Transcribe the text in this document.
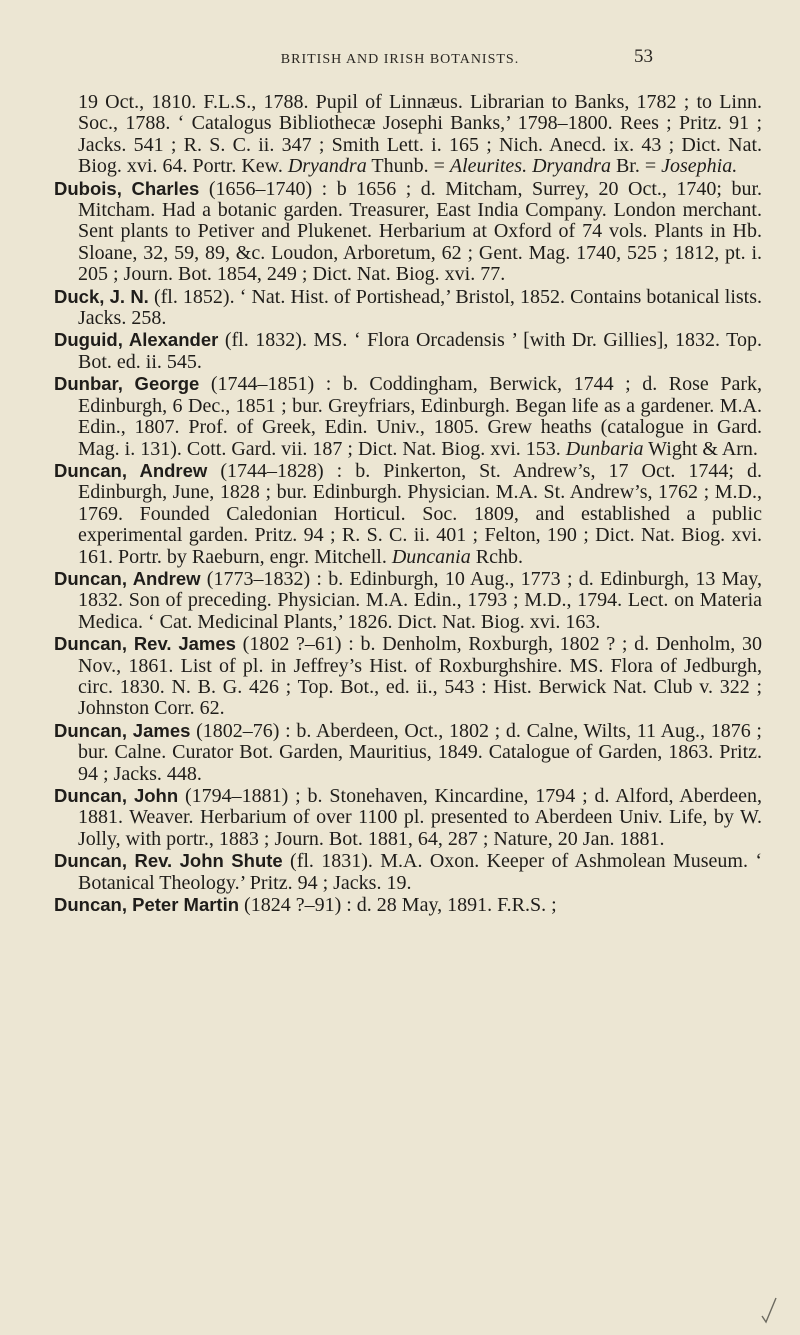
BRITISH AND IRISH BOTANISTS.	53

19 Oct., 1810. F.L.S., 1788. Pupil of Linnæus. Librarian to Banks, 1782 ; to Linn. Soc., 1788. ‘ Catalogus Bibliothecæ Josephi Banks,’ 1798–1800. Rees ; Pritz. 91 ; Jacks. 541 ; R. S. C. ii. 347 ; Smith Lett. i. 165 ; Nich. Anecd. ix. 43 ; Dict. Nat. Biog. xvi. 64. Portr. Kew. Dryandra Thunb. = Aleurites. Dryandra Br. = Josephia.

Dubois, Charles (1656–1740) : b 1656 ; d. Mitcham, Surrey, 20 Oct., 1740; bur. Mitcham. Had a botanic garden. Treasurer, East India Company. London merchant. Sent plants to Petiver and Plukenet. Herbarium at Oxford of 74 vols. Plants in Hb. Sloane, 32, 59, 89, &c. Loudon, Arboretum, 62 ; Gent. Mag. 1740, 525 ; 1812, pt. i. 205 ; Journ. Bot. 1854, 249 ; Dict. Nat. Biog. xvi. 77.

Duck, J. N. (fl. 1852). ‘ Nat. Hist. of Portishead,’ Bristol, 1852. Contains botanical lists. Jacks. 258.

Duguid, Alexander (fl. 1832). MS. ‘ Flora Orcadensis ’ [with Dr. Gillies], 1832. Top. Bot. ed. ii. 545.

Dunbar, George (1744–1851) : b. Coddingham, Berwick, 1744 ; d. Rose Park, Edinburgh, 6 Dec., 1851 ; bur. Greyfriars, Edinburgh. Began life as a gardener. M.A. Edin., 1807. Prof. of Greek, Edin. Univ., 1805. Grew heaths (catalogue in Gard. Mag. i. 131). Cott. Gard. vii. 187 ; Dict. Nat. Biog. xvi. 153. Dunbaria Wight & Arn.

Duncan, Andrew (1744–1828) : b. Pinkerton, St. Andrew’s, 17 Oct. 1744; d. Edinburgh, June, 1828 ; bur. Edinburgh. Physician. M.A. St. Andrew’s, 1762 ; M.D., 1769. Founded Caledonian Horticul. Soc. 1809, and established a public experimental garden. Pritz. 94 ; R. S. C. ii. 401 ; Felton, 190 ; Dict. Nat. Biog. xvi. 161. Portr. by Raeburn, engr. Mitchell. Duncania Rchb.

Duncan, Andrew (1773–1832) : b. Edinburgh, 10 Aug., 1773 ; d. Edinburgh, 13 May, 1832. Son of preceding. Physician. M.A. Edin., 1793 ; M.D., 1794. Lect. on Materia Medica. ‘ Cat. Medicinal Plants,’ 1826. Dict. Nat. Biog. xvi. 163.

Duncan, Rev. James (1802 ?–61) : b. Denholm, Roxburgh, 1802 ? ; d. Denholm, 30 Nov., 1861. List of pl. in Jeffrey’s Hist. of Roxburghshire. MS. Flora of Jedburgh, circ. 1830. N. B. G. 426 ; Top. Bot., ed. ii., 543 : Hist. Berwick Nat. Club v. 322 ; Johnston Corr. 62.

Duncan, James (1802–76) : b. Aberdeen, Oct., 1802 ; d. Calne, Wilts, 11 Aug., 1876 ; bur. Calne. Curator Bot. Garden, Mauritius, 1849. Catalogue of Garden, 1863. Pritz. 94 ; Jacks. 448.

Duncan, John (1794–1881) ; b. Stonehaven, Kincardine, 1794 ; d. Alford, Aberdeen, 1881. Weaver. Herbarium of over 1100 pl. presented to Aberdeen Univ. Life, by W. Jolly, with portr., 1883 ; Journ. Bot. 1881, 64, 287 ; Nature, 20 Jan. 1881.

Duncan, Rev. John Shute (fl. 1831). M.A. Oxon. Keeper of Ashmolean Museum. ‘ Botanical Theology.’ Pritz. 94 ; Jacks. 19.

Duncan, Peter Martin (1824 ?–91) : d. 28 May, 1891. F.R.S. ;
